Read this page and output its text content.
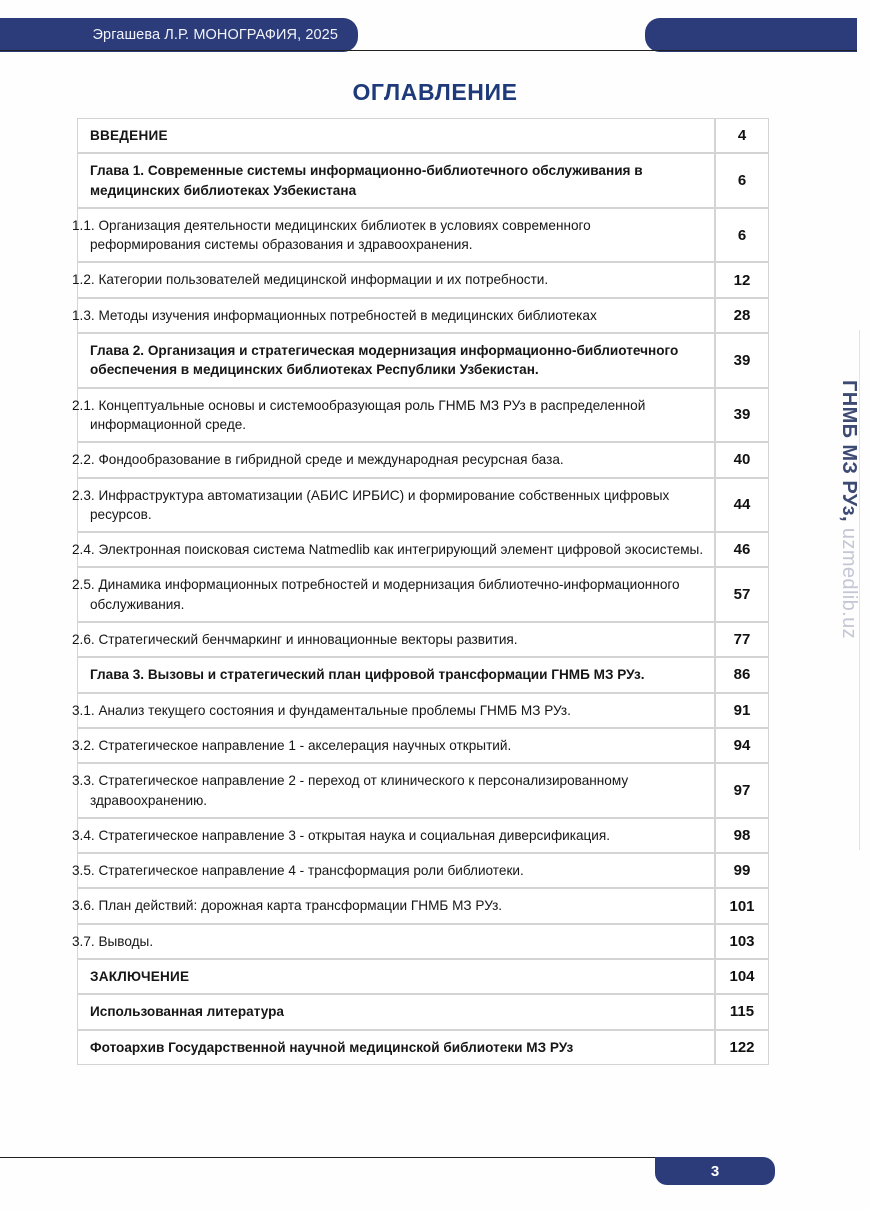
Эргашева Л.Р. МОНОГРАФИЯ, 2025
ОГЛАВЛЕНИЕ
ГНМБ МЗ РУз, uzmedlib.uz
ВВЕДЕНИЕ	4
Глава 1. Современные системы информационно-библиотечного обслуживания в медицинских библиотеках Узбекистана	6
1.1. Организация деятельности медицинских библиотек в условиях современного реформирования системы образования и здравоохранения.	6
1.2. Категории пользователей медицинской информации и их потребности.	12
1.3. Методы изучения информационных потребностей в медицинских библиотеках	28
Глава 2. Организация и стратегическая модернизация информационно-библиотечного обеспечения в медицинских библиотеках Республики Узбекистан.	39
2.1. Концептуальные основы и системообразующая роль ГНМБ МЗ РУз в распределенной информационной среде.	39
2.2. Фондообразование в гибридной среде и международная ресурсная база.	40
2.3. Инфраструктура автоматизации (АБИС ИРБИС) и формирование собственных цифровых ресурсов.	44
2.4. Электронная поисковая система Natmedlib как интегрирующий элемент цифровой экосистемы.	46
2.5. Динамика информационных потребностей и модернизация библиотечно-информационного обслуживания.	57
2.6. Стратегический бенчмаркинг и инновационные векторы развития.	77
Глава 3. Вызовы и стратегический план цифровой трансформации ГНМБ МЗ РУз.	86
3.1. Анализ текущего состояния и фундаментальные проблемы ГНМБ МЗ РУз.	91
3.2. Стратегическое направление 1 - акселерация научных открытий.	94
3.3. Стратегическое направление 2 - переход от клинического к персонализированному здравоохранению.	97
3.4. Стратегическое направление 3 - открытая наука и социальная диверсификация.	98
3.5. Стратегическое направление 4 - трансформация роли библиотеки.	99
3.6. План действий: дорожная карта трансформации ГНМБ МЗ РУз.	101
3.7. Выводы.	103
ЗАКЛЮЧЕНИЕ	104
Использованная литература	115
Фотоархив Государственной научной медицинской библиотеки МЗ РУз	122
3
